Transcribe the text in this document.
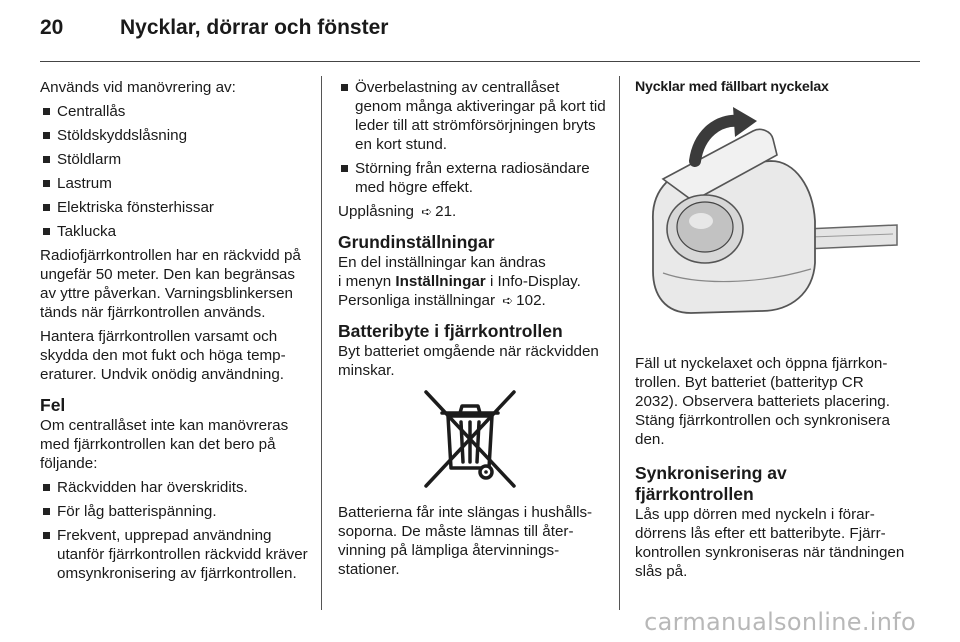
20	Nycklar, dörrar och fönster

Används vid manövrering av:

Centrallås
Stöldskyddslåsning
Stöldlarm
Lastrum
Elektriska fönsterhissar
Taklucka

Radiofjärrkontrollen har en räckvidd på ungefär 50 meter. Den kan begränsas av yttre påverkan. Varningsblinkersen tänds när fjärrkontrollen används.

Hantera fjärrkontrollen varsamt och skydda den mot fukt och höga temperaturer. Undvik onödig användning.

Fel

Om centrallåset inte kan manövreras med fjärrkontrollen kan det bero på följande:

Räckvidden har överskridits.
För låg batterispänning.
Frekvent, upprepad användning utanför fjärrkontrollen räckvidd kräver omsynkronisering av fjärrkontrollen.
Överbelastning av centrallåset genom många aktiveringar på kort tid leder till att strömförsörjningen bryts en kort stund.
Störning från externa radiosändare med högre effekt.

Upplåsning ➪ 21.

Grundinställningar

En del inställningar kan ändras
i menyn Inställningar i Info-Display.
Personliga inställningar ➪ 102.

Batteribyte i fjärrkontrollen

Byt batteriet omgående när räckvidden minskar.

Batterierna får inte slängas i hushållssoporna. De måste lämnas till återvinning på lämpliga återvinningsstationer.

Nycklar med fällbart nyckelax

Fäll ut nyckelaxet och öppna fjärrkontrollen. Byt batteriet (batterityp CR 2032). Observera batteriets placering. Stäng fjärrkontrollen och synkronisera den.

Synkronisering av fjärrkontrollen

Lås upp dörren med nyckeln i förardörrens lås efter ett batteribyte. Fjärrkontrollen synkroniseras när tändningen slås på.

carmanualsonline.info
